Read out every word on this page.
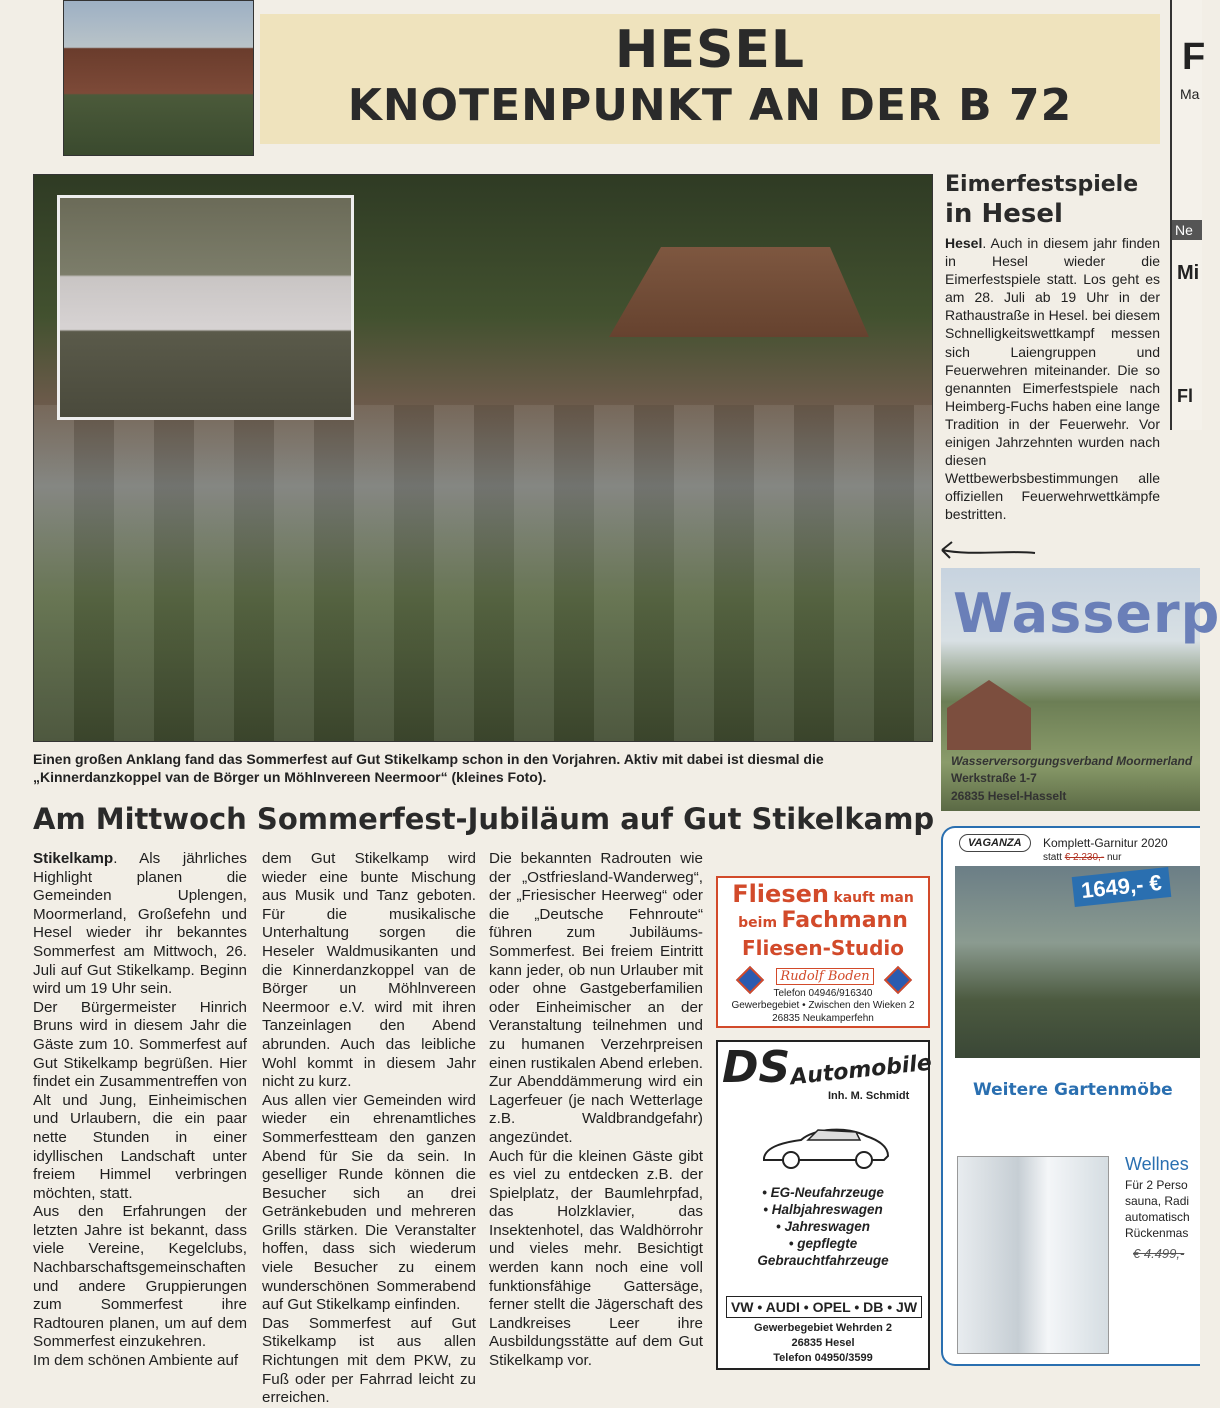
HESEL
KNOTENPUNKT AN DER B 72
F
Ma
Ne
Mi
Fl
Eimerfestspiele
in Hesel
Hesel. Auch in diesem jahr finden in Hesel wieder die Eimerfestspiele statt. Los geht es am 28. Juli ab 19 Uhr in der Rathaustraße in Hesel. bei diesem Schnelligkeitswettkampf messen sich Laiengruppen und Feuerwehren miteinander. Die so genannten Eimerfestspiele nach Heimberg-Fuchs haben eine lange Tradition in der Feuerwehr. Vor einigen Jahrzehnten wurden nach diesen Wettbewerbsbestimmungen alle offiziellen Feuerwehrwettkämpfe bestritten.
Wasserp
Wasserversorgungsverband Moormerland
Werkstraße 1-7
26835 Hesel-Hasselt
Einen großen Anklang fand das Sommerfest auf Gut Stikelkamp schon in den Vorjahren. Aktiv mit dabei ist diesmal die „Kinnerdanzkoppel van de Börger un Möhlnvereen Neermoor“ (kleines Foto).
Am Mittwoch Sommerfest-Jubiläum auf Gut Stikelkamp

Stikelkamp. Als jährliches Highlight planen die Gemeinden Uplengen, Moormerland, Großefehn und Hesel wieder ihr bekanntes Sommerfest am Mittwoch, 26. Juli auf Gut Stikelkamp. Beginn wird um 19 Uhr sein.

Der Bürgermeister Hinrich Bruns wird in diesem Jahr die Gäste zum 10. Sommerfest auf Gut Stikelkamp begrüßen. Hier findet ein Zusammentreffen von Alt und Jung, Einheimischen und Urlaubern, die ein paar nette Stunden in einer idyllischen Landschaft unter freiem Himmel verbringen möchten, statt.

Aus den Erfahrungen der letzten Jahre ist bekannt, dass viele Vereine, Kegelclubs, Nachbarschaftsgemeinschaften und andere Gruppierungen zum Sommerfest ihre Radtouren planen, um auf dem Sommerfest einzukehren.

Im dem schönen Ambiente auf

dem Gut Stikelkamp wird wieder eine bunte Mischung aus Musik und Tanz geboten. Für die musikalische Unterhaltung sorgen die Heseler Waldmusikanten und die Kinnerdanzkoppel van de Börger un Möhlnvereen Neermoor e.V. wird mit ihren Tanzeinlagen den Abend abrunden. Auch das leibliche Wohl kommt in diesem Jahr nicht zu kurz.

Aus allen vier Gemeinden wird wieder ein ehrenamtliches Sommerfestteam den ganzen Abend für Sie da sein. In geselliger Runde können die Besucher sich an drei Getränkebuden und mehreren Grills stärken. Die Veranstalter hoffen, dass sich wiederum viele Besucher zu einem wunderschönen Sommerabend auf Gut Stikelkamp einfinden.

Das Sommerfest auf Gut Stikelkamp ist aus allen Richtungen mit dem PKW, zu Fuß oder per Fahrrad leicht zu erreichen.

Die bekannten Radrouten wie der „Ostfriesland-Wanderweg“, der „Friesischer Heerweg“ oder die „Deutsche Fehnroute“ führen zum Jubiläums-Sommerfest. Bei freiem Eintritt kann jeder, ob nun Urlauber mit oder ohne Gastgeberfamilien oder Einheimischer an der Veranstaltung teilnehmen und zu humanen Verzehrpreisen einen rustikalen Abend erleben. Zur Abenddämmerung wird ein Lagerfeuer (je nach Wetterlage z.B. Waldbrandgefahr) angezündet.

Auch für die kleinen Gäste gibt es viel zu entdecken z.B. der Spielplatz, der Baumlehrpfad, das Holzklavier, das Insektenhotel, das Waldhörrohr und vieles mehr. Besichtigt werden kann noch eine voll funktionsfähige Gattersäge, ferner stellt die Jägerschaft des Landkreises Leer ihre Ausbildungsstätte auf dem Gut Stikelkamp vor.

Fliesen kauft man
beim Fachmann
Fliesen-Studio
Rudolf Boden
Telefon 04946/916340
Gewerbegebiet • Zwischen den Wieken 2
26835 Neukamperfehn
DS
Automobile
Inh. M. Schmidt
• EG-Neufahrzeuge
• Halbjahreswagen
• Jahreswagen
• gepflegte
Gebrauchtfahrzeuge
VW • AUDI • OPEL • DB • JW
Gewerbegebiet Wehrden 2
26835 Hesel
Telefon 04950/3599
VAGANZA	Komplett-Garnitur 2020
statt € 2.230,- nur
1649,- €
Weitere Gartenmöbe
Wellnes
Für 2 Perso
sauna, Radi
automatisch
Rückenmas
€ 4.499,-
